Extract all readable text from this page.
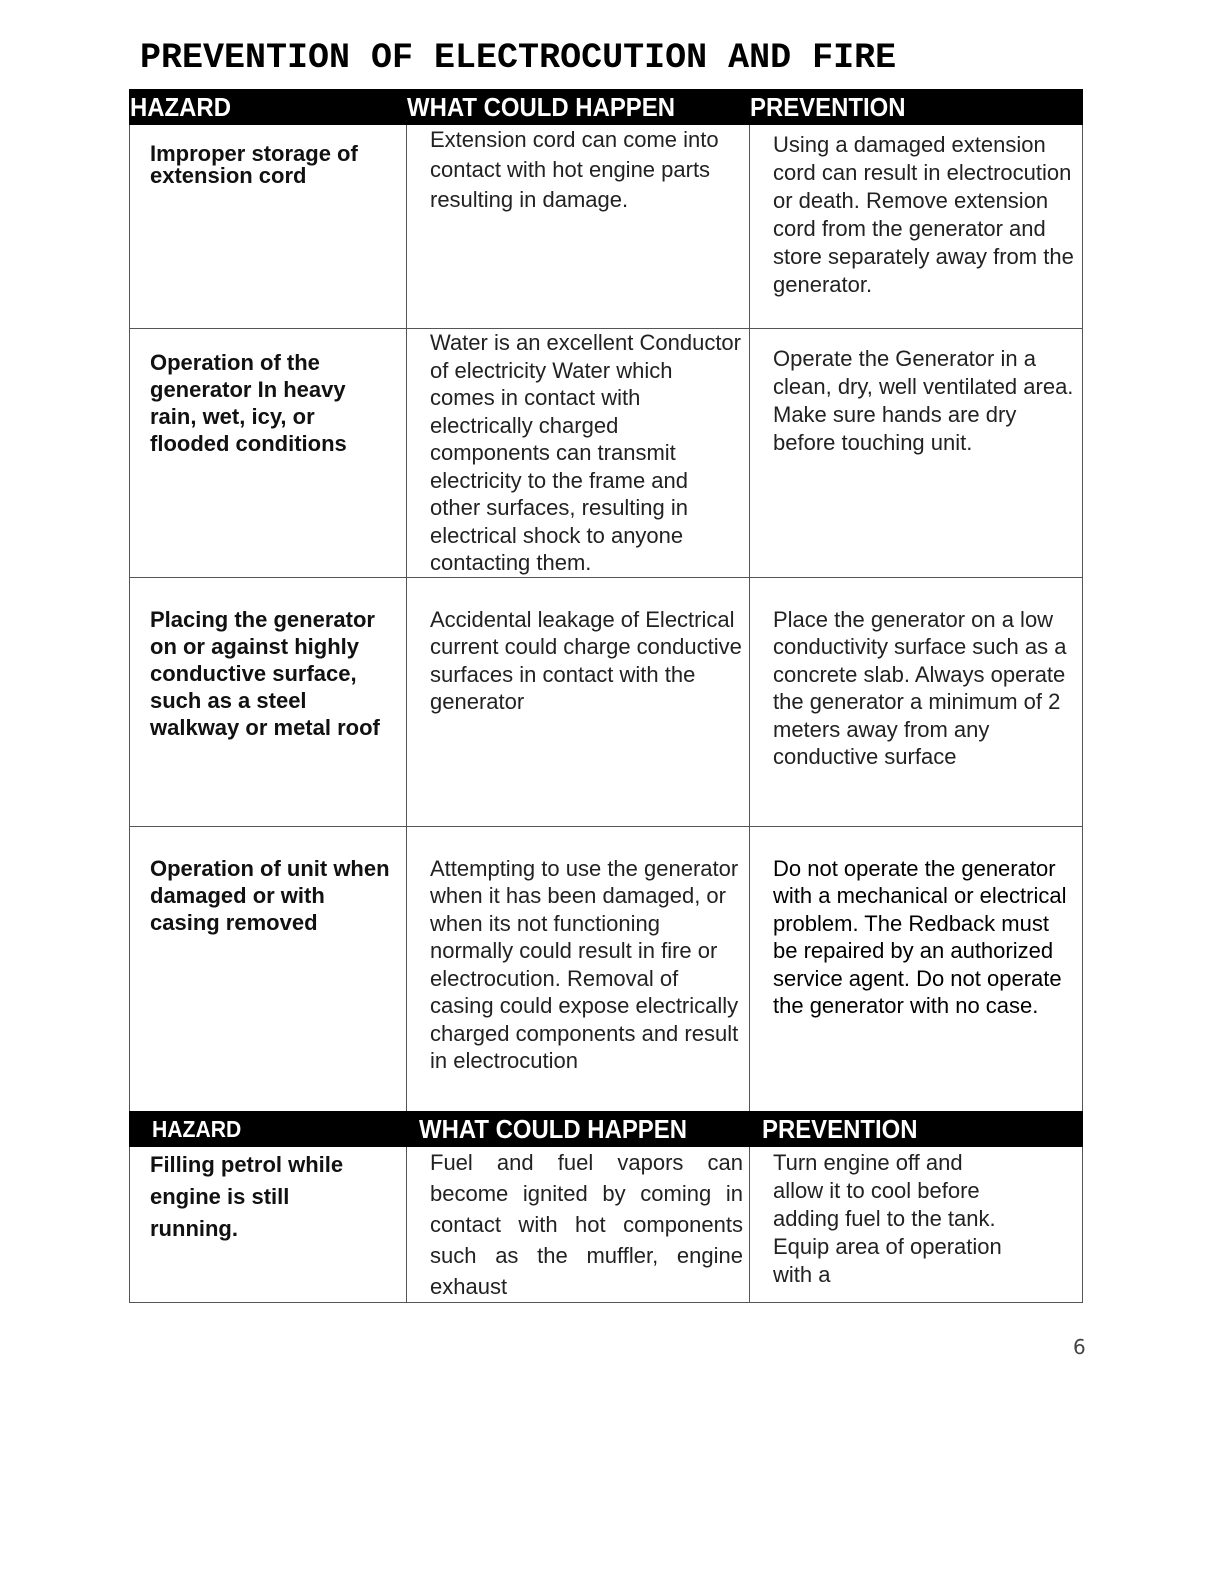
PREVENTION OF ELECTROCUTION AND FIRE
HAZARD	WHAT COULD HAPPEN	PREVENTION

Improper storage of extension cord	Extension cord can come into contact with hot engine parts resulting in damage.	Using a damaged extension cord can result in electrocution or death. Remove extension cord from the generator and store separately away from the generator.

Operation of the generator In heavy rain, wet, icy, or flooded conditions	Water is an excellent Conductor of electricity Water which comes in contact with electrically charged components can transmit electricity to the frame and other surfaces, resulting in electrical shock to anyone contacting them.	Operate the Generator in a clean, dry, well ventilated area. Make sure hands are dry before touching unit.

Placing the generator on or against highly conductive surface, such as a steel walkway or metal roof	Accidental leakage of Electrical current could charge conductive surfaces in contact with the generator	Place the generator on a low conductivity surface such as a concrete slab. Always operate the generator a minimum of 2 meters away from any conductive surface

Operation of unit when damaged or with casing removed	Attempting to use the generator when it has been damaged, or when its not functioning normally could result in fire or electrocution. Removal of casing could expose electrically charged components and result in electrocution	Do not operate the generator with a mechanical or electrical problem. The Redback must be repaired by an authorized service agent. Do not operate the generator with no case.
HAZARD	WHAT COULD HAPPEN	PREVENTION

Filling petrol while engine is still running.	Fuel and fuel vapors can become ignited by coming in contact with hot components such as the muffler, engine exhaust	Turn engine off and allow it to cool before adding fuel to the tank. Equip area of operation with a
6
